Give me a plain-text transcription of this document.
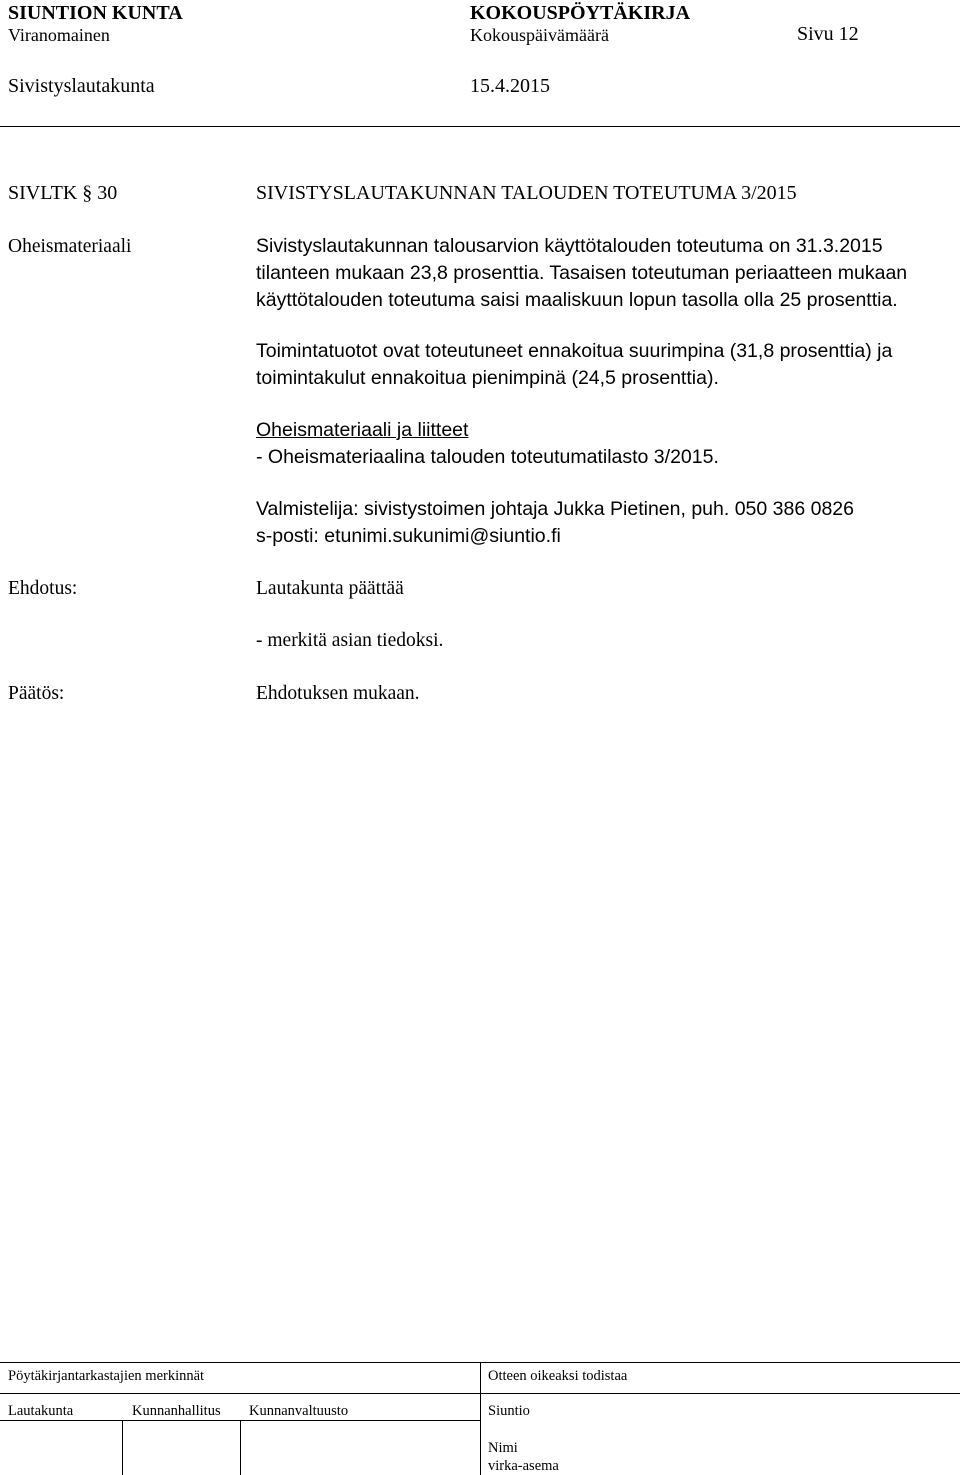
SIUNTION KUNTA	KOKOUSPÖYTÄKIRJA
Viranomainen	Kokouspäivämäärä	Sivu 12
Sivistyslautakunta	15.4.2015
SIVLTK § 30	SIVISTYSLAUTAKUNNAN TALOUDEN TOTEUTUMA 3/2015
Oheismateriaali	Sivistyslautakunnan talousarvion käyttötalouden toteutuma on 31.3.2015
tilanteen mukaan 23,8 prosenttia. Tasaisen toteutuman periaatteen mukaan
käyttötalouden toteutuma saisi maaliskuun lopun tasolla olla 25 prosenttia.
Toimintatuotot ovat toteutuneet ennakoitua suurimpina (31,8 prosenttia) ja
toimintakulut ennakoitua pienimpinä (24,5 prosenttia).
Oheismateriaali ja liitteet
- Oheismateriaalina talouden toteutumatilasto 3/2015.
Valmistelija: sivistystoimen johtaja Jukka Pietinen, puh. 050 386 0826
s-posti: etunimi.sukunimi@siuntio.fi
Ehdotus:	Lautakunta päättää
- merkitä asian tiedoksi.
Päätös:	Ehdotuksen mukaan.
Pöytäkirjantarkastajien merkinnät	Otteen oikeaksi todistaa
Lautakunta	Kunnanhallitus Kunnanvaltuusto	Siuntio
Nimi
virka-asema
